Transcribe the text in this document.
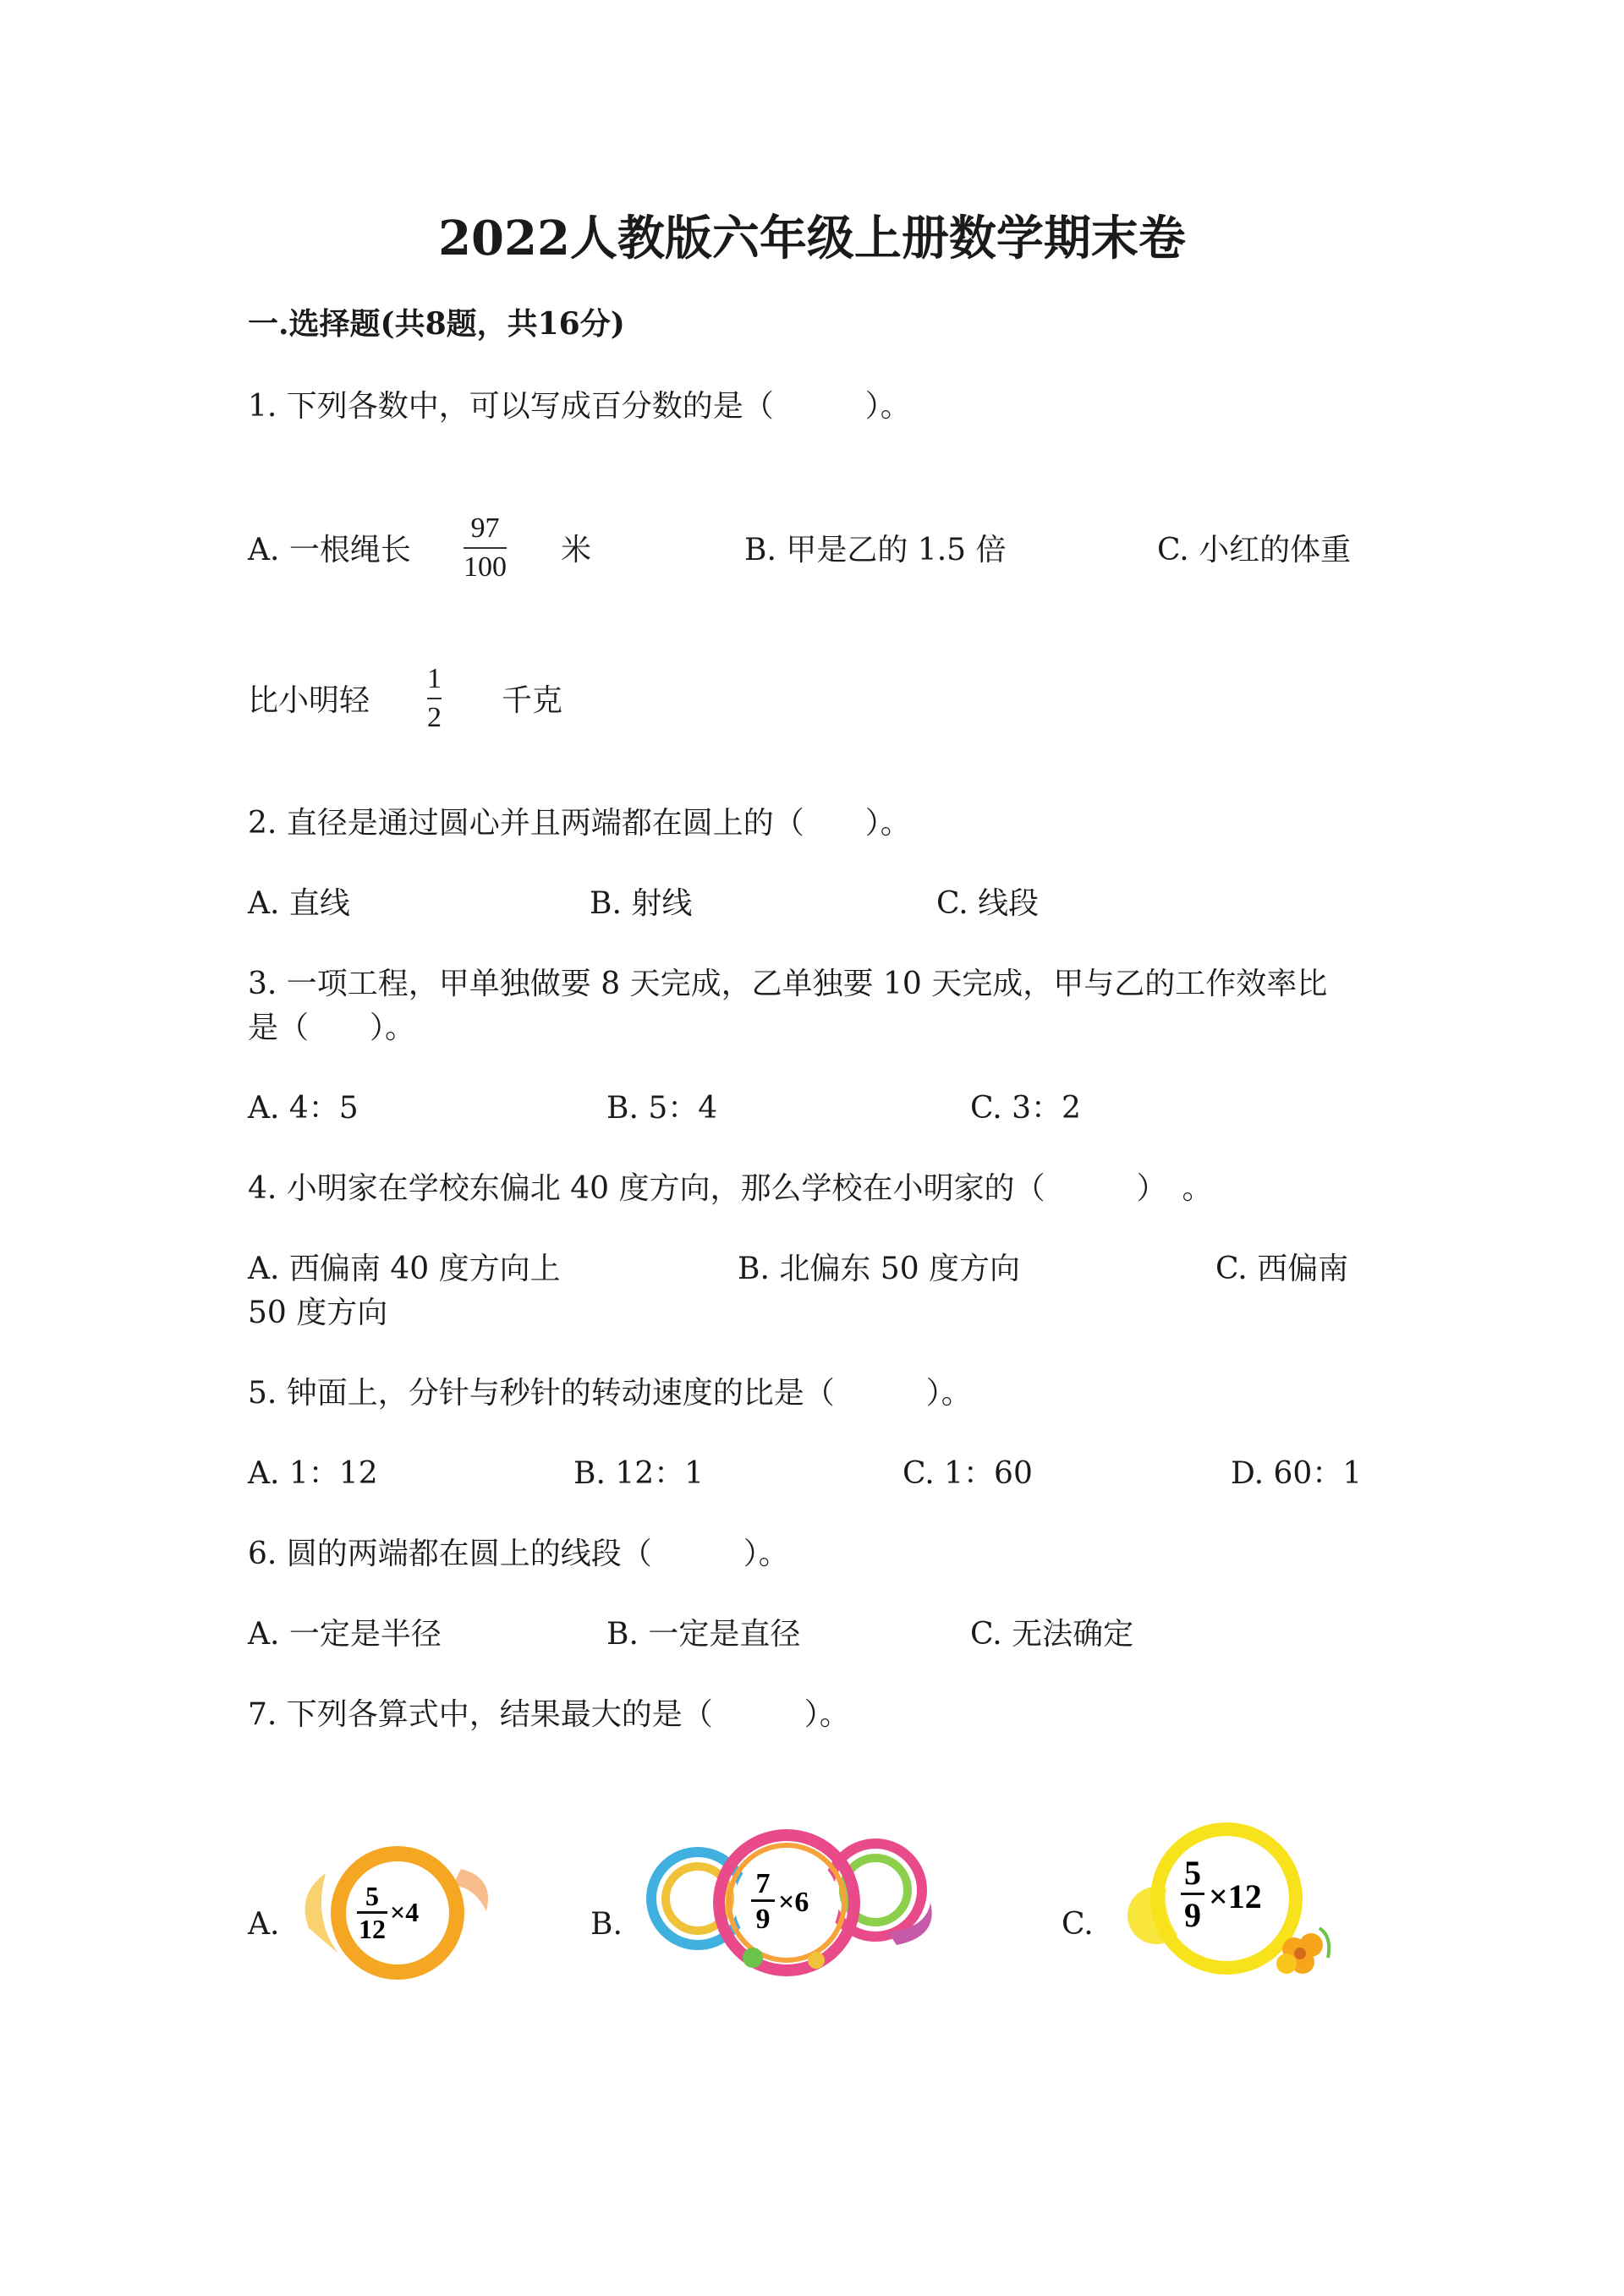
2022人教版六年级上册数学期末卷
一.选择题(共8题，共16分)
1. 下列各数中，可以写成百分数的是（　　　）。
A. 一根绳长
97
100 米	B. 甲是乙的 1.5 倍	C. 小红的体重
比小明轻
1
2 千克
2. 直径是通过圆心并且两端都在圆上的（　　）。
A. 直线	B. 射线	C. 线段
3. 一项工程，甲单独做要 8 天完成，乙单独要 10 天完成，甲与乙的工作效率比
是（　　）。
A. 4：5	B. 5：4	C. 3：2
4. 小明家在学校东偏北 40 度方向，那么学校在小明家的（　　　）　。
A. 西偏南 40 度方向上	B. 北偏东 50 度方向	C. 西偏南
50 度方向
5. 钟面上，分针与秒针的转动速度的比是（　　　）。
A. 1：12	B. 12：1	C. 1：60	D. 60：1
6. 圆的两端都在圆上的线段（　　　）。
A. 一定是半径	B. 一定是直径	C. 无法确定
7. 下列各算式中，结果最大的是（　　　）。
A.
5
12
×4	B.
7
9
×6
C.
5
9 ×12
